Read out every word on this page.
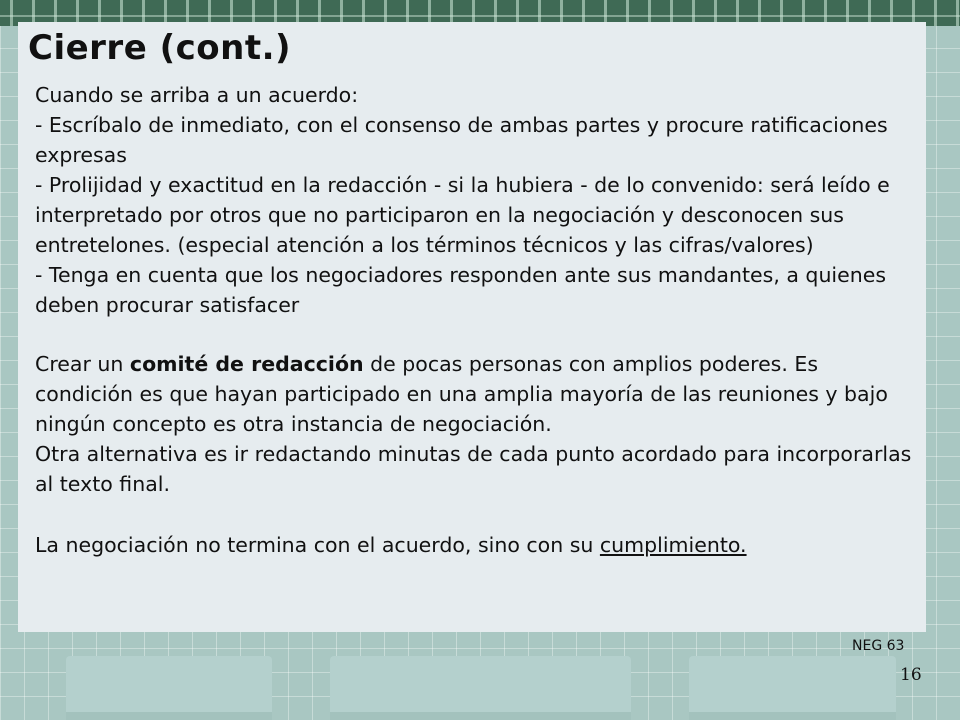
Cierre (cont.)

Cuando se arriba a un acuerdo:

- Escríbalo de inmediato, con el consenso de ambas partes y procure ratificaciones expresas

- Prolijidad y exactitud en la redacción - si la hubiera - de lo convenido: será leído e interpretado por otros que no participaron en la negociación y desconocen sus entretelones. (especial atención a los términos técnicos y las cifras/valores)

- Tenga en cuenta que los negociadores responden ante sus mandantes, a quienes deben procurar satisfacer

Crear un comité de redacción de pocas personas con amplios poderes. Es condición es que hayan participado en una amplia mayoría de las reuniones y bajo ningún concepto es otra instancia de negociación.

Otra alternativa es ir redactando minutas de cada punto acordado para incorporarlas al texto final.

La negociación no termina con el acuerdo, sino con su cumplimiento.

NEG 63
16
